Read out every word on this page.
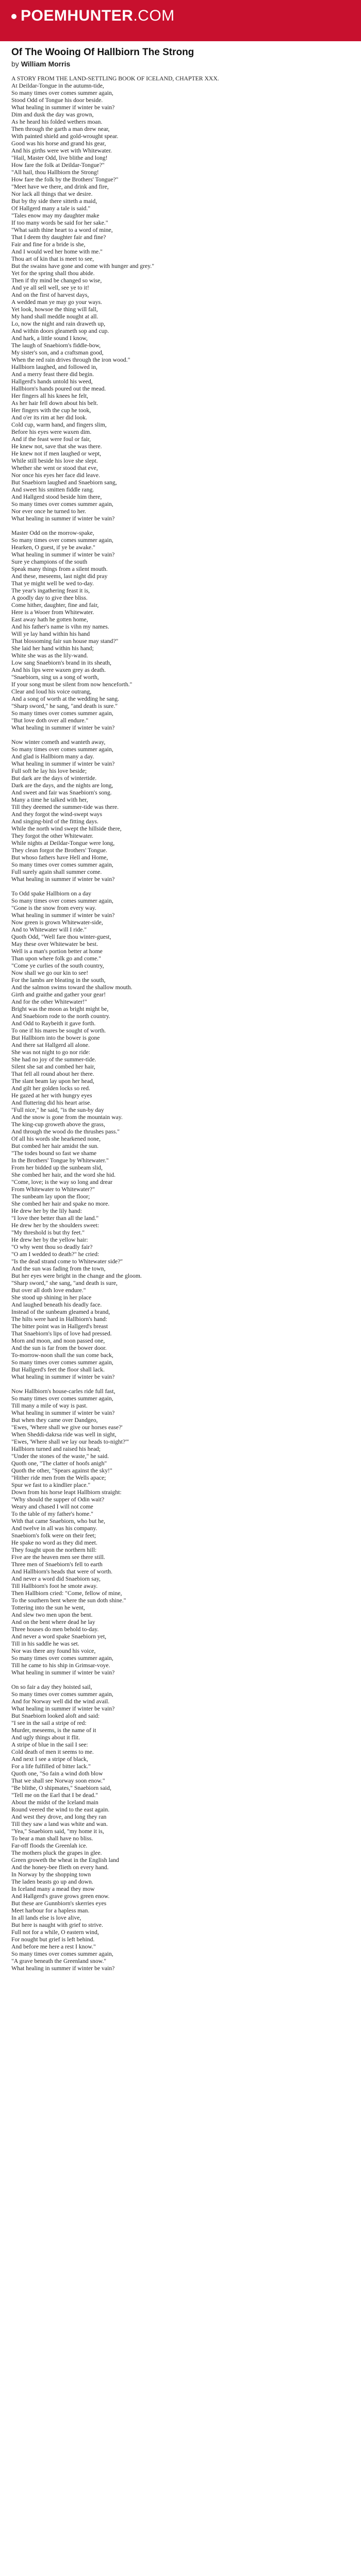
POEMHUNTER.COM
Of The Wooing Of Hallbiorn The Strong
by William Morris
A STORY FROM THE LAND-SETTLING BOOK OF ICELAND, CHAPTER XXX.
At Deildar-Tongue in the autumn-tide,
So many times over comes summer again,
Stood Odd of Tongue his door beside.
What healing in summer if winter be vain?
Dim and dusk the day was grown,
As he heard his folded wethers moan.
Then through the garth a man drew near,
With painted shield and gold-wrought spear.
Good was his horse and grand his gear,
And his girths were wet with Whitewater.
"Hail, Master Odd, live blithe and long!
How fare the folk at Deildar-Tongue?"
"All hail, thou Hallbiorn the Strong!
How fare the folk by the Brothers' Tongue?"
"Meet have we there, and drink and fire,
Nor lack all things that we desire.
But by thy side there sitteth a maid,
Of Hallgerd many a tale is said."
"Tales enow may my daughter make
If too many words be said for her sake."
"What saith thine heart to a word of mine,
That I deem thy daughter fair and fine?
Fair and fine for a bride is she,
And I would wed her home with me."
Thou art of kin that is meet to see,
But the swains have gone and come with hunger and grey."
Yet for the spring shall thou abide.
Then if thy mind be changed so wise,
And ye all sell well, see ye to it!
And on the first of harvest days,
A wedded man ye may go your ways.
Yet look, howsoe the thing will fall,
My hand shall meddle nought at all.
Lo, now the night and rain draweth up,
And within doors gleameth sop and cup.
And hark, a little sound I know,
The laugh of Snaebiorn's fiddle-bow,
My sister's son, and a craftsman good,
When the red rain drives through the iron wood."
Hallbiorn laughed, and followed in,
And a merry feast there did begin.
Hallgerd's hands untold his weed,
Hallbiorn's hands poured out the mead.
Her fingers all his knees he felt,
As her hair fell down about his belt.
Her fingers with the cup he took,
And o'er its rim at her did look.
Cold cup, warm hand, and fingers slim,
Before his eyes were waxen dim.
And if the feast were foul or fair,
He knew not, save that she was there.
He knew not if men laughed or wept,
While still beside his love she slept.
Whether she went or stood that eve,
Nor once his eyes her face did leave.
But Snaebiorn laughed and Snaebiorn sang,
And sweet his smitten fiddle rang.
And Hallgerd stood beside him there,
So many times over comes summer again,
Nor ever once he turned to her.
What healing in summer if winter be vain?
Master Odd on the morrow-spake,
So many times over comes summer again,
Hearken, O guest, if ye be awake."
What healing in summer if winter be vain?
Sure ye champions of the south
Speak many things from a silent mouth.
And these, meseems, last night did pray
That ye might well be wed to-day.
The year's ingathering feast it is,
A goodly day to give thee bliss.
Come hither, daughter, fine and fair,
Here is a Wooer from Whitewater.
East away hath he gotten home,
And his father's name is vihn my names.
Will ye lay hand within his hand
That blossoming fair sun house may stand?"
She laid her hand within his hand;
White she was as the lily-wand.
Low sang Snaebiorn's brand in its sheath,
And his lips were waxen grey as death.
"Snaebiorn, sing us a song of worth,
If your song must be silent from now henceforth."
Clear and loud his voice outrang,
And a song of worth at the wedding he sang.
"Sharp sword," he sang, "and death is sure."
So many times over comes summer again,
"But love doth over all endure."
What healing in summer if winter be vain?
Now winter cometh and wanteth away,
So many times over comes summer again,
And glad is Hallbiorn many a day.
What healing in summer if winter be vain?
Full soft he lay his love beside;
But dark are the days of wintertide.
Dark are the days, and the nights are long,
And sweet and fair was Snaebiorn's song.
Many a time he talked with her,
Till they deemed the summer-tide was there.
And they forgot the wind-swept ways
And singing-bird of the fitting days.
While the north wind swept the hillside there,
They forgot the other Whitewater.
While nights at Deildar-Tongue were long,
They clean forgot the Brothers' Tongue.
But whoso fathers have Hell and Home,
So many times over comes summer again,
Full surely again shall summer come.
What healing in summer if winter be vain?
To Odd spake Hallbiorn on a day
So many times over comes summer again,
"Gone is the snow from every way.
What healing in summer if winter be vain?
Now green is grown Whitewater-side,
And to Whitewater will I ride."
Quoth Odd, "Well fare thou winter-guest,
May these over Whitewater be best.
Well is a man's portion better at home
Than upon where folk go and come."
"Come ye curlies of the south country,
Now shall we go our kin to see!
For the lambs are bleating in the south,
And the salmon swims toward the shallow mouth.
Girth and graithe and gather your gear!
And for the other Whitewater!"
Bright was the moon as bright might be,
And Snaebiorn rode to the north country.
And Odd to Raybeith it gave forth.
To one if his mares be sought of worth.
But Hallbiorn into the bower is gone
And there sat Hallgerd all alone.
She was not night to go nor ride:
She had no joy of the summer-tide.
Silent she sat and combed her hair,
That fell all round about her there.
The slant beam lay upon her head,
And gilt her golden locks so red.
He gazed at her with hungry eyes
And fluttering did his heart arise.
"Full nice," he said, "is the sun-by day
And the snow is gone from the mountain way.
The king-cup groweth above the grass,
And through the wood do the thrushes pass."
Of all his words she hearkened none,
But combed her hair amidst the sun.
"The todes bound so fast we shame
In the Brothers' Tongue by Whitewater."
From her bidded up the sunbeam slid,
She combed her hair, and the word she hid.
"Come, love; is the way so long and drear
From Whitewater to Whitewater?"
The sunbeam lay upon the floor;
She combed her hair and spake no more.
He drew her by the lily hand:
"I love thee better than all the land."
He drew her by the shoulders sweet:
"My threshold is but thy feet."
He drew her by the yellow hair:
"O why went thou so deadly fair?
"O am I wedded to death?" he cried:
"Is the dead strand come to Whitewater side?"
And the sun was fading from the town,
But her eyes were bright in the change and the gloom.
"Sharp sword," she sang, "and death is sure,
But over all doth love endure."
She stood up shining in her place
And laughed beneath his deadly face.
Instead of the sunbeam gleamed a brand,
The hilts were hard in Hallbiorn's hand:
The bitter point was in Hallgerd's breast
That Snaebiorn's lips of love had pressed.
Morn and moon, and noon passed one,
And the sun is far from the bower door.
To-morrow-noon shall the sun come back,
So many times over comes summer again,
But Hallgerd's feet the floor shall lack.
What healing in summer if winter be vain?
Now Hallbiorn's house-carles ride full fast,
So many times over comes summer again,
Till many a mile of way is past.
What healing in summer if winter be vain?
But when they came over Dandgeo,
"Ewes, 'Where shall we give our horses ease?'
When Sheddi-dakrsa ride was well in sight,
"Ewes, 'Where shall we lay our heads to-night?'"
Hallbiorn turned and raised his head;
"Under the stones of the waste," he said.
Quoth one, "The clatter of hoofs anigh"
Quoth the other, "Spears against the sky!"
"Hither ride men from the Wells apace;
Spur we fast to a kindlier place."
Down from his horse leapt Hallbiorn straight:
"Why should the supper of Odin wait?
Weary and chased I will not come
To the table of my father's home."
With that came Snaebiorn, who but he,
And twelve in all was his company.
Snaebiorn's folk were on their feet;
He spake no word as they did meet.
They fought upon the northern hill:
Five are the heaven men see there still.
Three men of Snaebiorn's fell to earth
And Hallbiorn's heads that were of worth.
And never a word did Snaebiorn say,
Till Hallbiorn's foot he smote away.
Then Hallbiorn cried: "Come, fellow of mine,
To the southern bent where the sun doth shine."
Tottering into the sun he went,
And slew two men upon the bent.
And on the bent where dead he lay
Three houses do men behold to-day.
And never a word spake Snaebiorn yet,
Till in his saddle he was set.
Nor was there any found his voice,
So many times over comes summer again,
Till he came to his ship in Grimsar-voye.
What healing in summer if winter be vain?
On so fair a day they hoisted sail,
So many times over comes summer again,
And for Norway well did the wind avail.
What healing in summer if winter be vain?
But Snaebiorn looked aloft and said:
"I see in the sail a stripe of red:
Murder, meseems, is the name of it
And ugly things about it flit.
A stripe of blue in the sail I see:
Cold death of men it seems to me.
And next I see a stripe of black,
For a life fulfilled of bitter lack."
Quoth one, "So fain a wind doth blow
That we shall see Norway soon enow."
"Be blithe, O shipmates," Snaebiorn said,
"Tell me on the Earl that I be dead."
About the midst of the Iceland main
Round veered the wind to the east again.
And west they drove, and long they ran
Till they saw a land was white and wan.
"Yea," Snaebiorn said, "my home it is,
To bear a man shall have no bliss.
Far-off floods the Greenlah ice.
The mothers pluck the grapes in glee.
Green groweth the wheat in the English land
And the honey-bee flieth on every hand.
In Norway by the shopping town
The laden beasts go up and down.
In Iceland many a mead they mow
And Hallgerd's grave grows green enow.
But these are Gunnbiorn's skerries eyes
Meet harbour for a hapless man.
In all lands else is love alive,
But here is naught with grief to strive.
Full not for a while, O eastern wind,
For nought but grief is left behind.
And before me here a rest I know."
So many times over comes summer again,
"A grave beneath the Greenland snow."
What healing in summer if winter be vain?
